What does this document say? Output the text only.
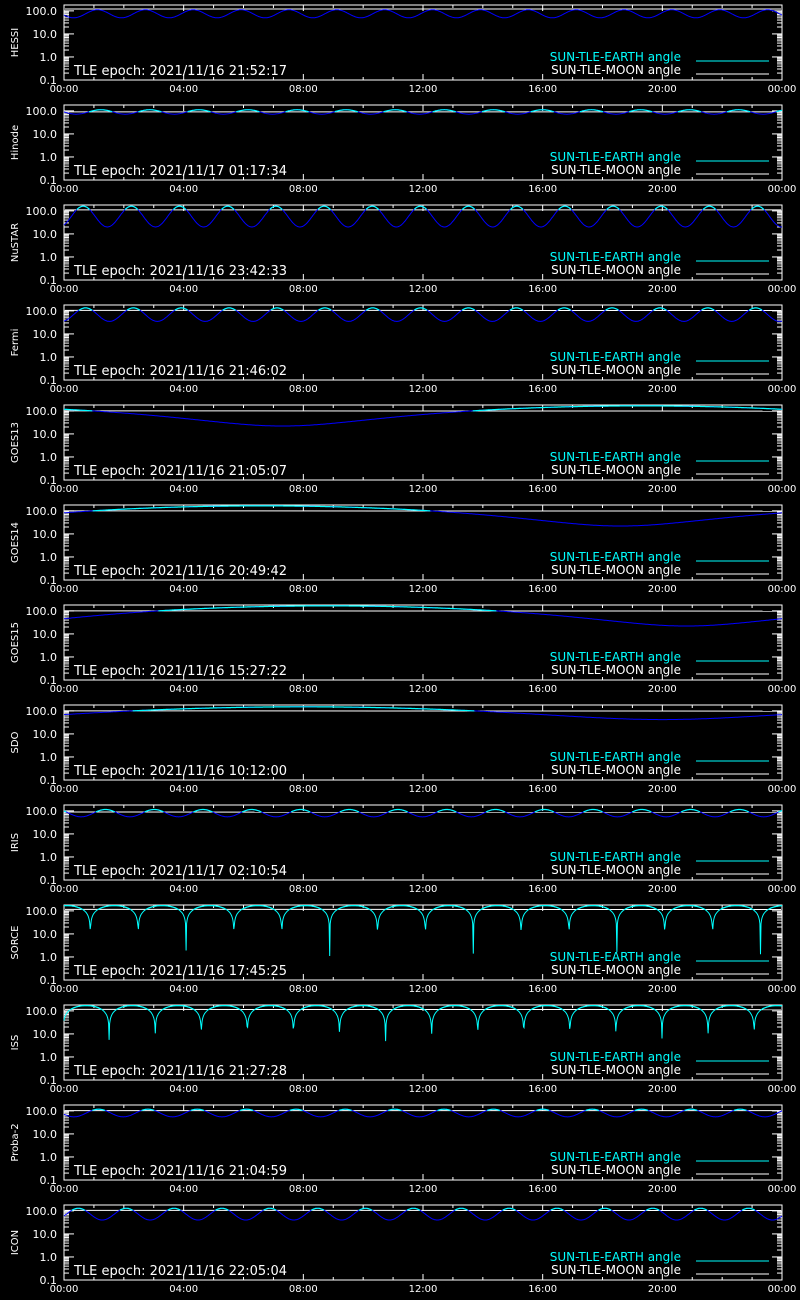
100.0
10.0
1.0
0.1
00:00	04:00	08:00	12:00	16:00	20:00	00:00
HESSI	SUN-TLE-EARTH angle
SUN-TLE-MOON angle
TLE epoch: 2021/11/16 21:52:17
100.0
10.0
1.0
0.1
00:00	04:00	08:00	12:00	16:00	20:00	00:00
Hinode	SUN-TLE-EARTH angle
SUN-TLE-MOON angle
TLE epoch: 2021/11/17 01:17:34
100.0
10.0
1.0
0.1
00:00	04:00	08:00	12:00	16:00	20:00	00:00
NuSTAR	SUN-TLE-EARTH angle
SUN-TLE-MOON angle
TLE epoch: 2021/11/16 23:42:33
100.0
10.0
1.0
0.1
00:00	04:00	08:00	12:00	16:00	20:00	00:00
Fermi
SUN-TLE-EARTH angle
SUN-TLE-MOON angle
TLE epoch: 2021/11/16 21:46:02
100.0
10.0
1.0
0.1
00:00	04:00	08:00	12:00	16:00	20:00	00:00
GOES13	SUN-TLE-EARTH angle
SUN-TLE-MOON angle
TLE epoch: 2021/11/16 21:05:07
100.0
10.0
1.0
0.1
00:00	04:00	08:00	12:00	16:00	20:00	00:00
GOES14	SUN-TLE-EARTH angle
SUN-TLE-MOON angle
TLE epoch: 2021/11/16 20:49:42
100.0
10.0
1.0
0.1
00:00	04:00	08:00	12:00	16:00	20:00	00:00
GOES15	SUN-TLE-EARTH angle
SUN-TLE-MOON angle
TLE epoch: 2021/11/16 15:27:22
100.0
10.0
1.0
0.1
00:00	04:00	08:00	12:00	16:00	20:00	00:00
SDO
SUN-TLE-EARTH angle
SUN-TLE-MOON angle
TLE epoch: 2021/11/16 10:12:00
100.0
10.0
1.0
0.1
00:00	04:00	08:00	12:00	16:00	20:00	00:00
IRIS
SUN-TLE-EARTH angle
SUN-TLE-MOON angle
TLE epoch: 2021/11/17 02:10:54
100.0
10.0
1.0
0.1
00:00	04:00	08:00	12:00	16:00	20:00	00:00
SORCE	SUN-TLE-EARTH angle
SUN-TLE-MOON angle
TLE epoch: 2021/11/16 17:45:25
100.0
10.0
1.0
0.1
00:00	04:00	08:00	12:00	16:00	20:00	00:00
ISS
SUN-TLE-EARTH angle
SUN-TLE-MOON angle
TLE epoch: 2021/11/16 21:27:28
100.0
10.0
1.0
0.1
00:00	04:00	08:00	12:00	16:00	20:00	00:00
Proba-2	SUN-TLE-EARTH angle
SUN-TLE-MOON angle
TLE epoch: 2021/11/16 21:04:59
100.0
10.0
1.0
0.1
00:00	04:00	08:00	12:00	16:00	20:00	00:00
ICON
SUN-TLE-EARTH angle
SUN-TLE-MOON angle
TLE epoch: 2021/11/16 22:05:04
